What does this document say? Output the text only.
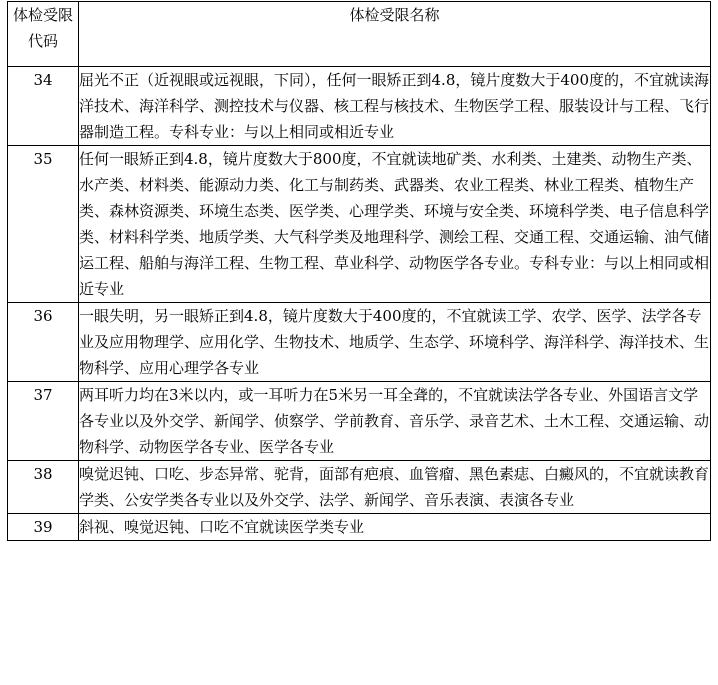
体检受限代码	体检受限名称
34	屈光不正（近视眼或远视眼，下同），任何一眼矫正到4.8，镜片度数大于400度的，不宜就读海洋技术、海洋科学、测控技术与仪器、核工程与核技术、生物医学工程、服装设计与工程、飞行器制造工程。专科专业：与以上相同或相近专业
35	任何一眼矫正到4.8，镜片度数大于800度，不宜就读地矿类、水利类、土建类、动物生产类、水产类、材料类、能源动力类、化工与制药类、武器类、农业工程类、林业工程类、植物生产类、森林资源类、环境生态类、医学类、心理学类、环境与安全类、环境科学类、电子信息科学类、材料科学类、地质学类、大气科学类及地理科学、测绘工程、交通工程、交通运输、油气储运工程、船舶与海洋工程、生物工程、草业科学、动物医学各专业。专科专业：与以上相同或相近专业
36	一眼失明，另一眼矫正到4.8，镜片度数大于400度的，不宜就读工学、农学、医学、法学各专业及应用物理学、应用化学、生物技术、地质学、生态学、环境科学、海洋科学、海洋技术、生物科学、应用心理学各专业
37	两耳听力均在3米以内，或一耳听力在5米另一耳全聋的，不宜就读法学各专业、外国语言文学各专业以及外交学、新闻学、侦察学、学前教育、音乐学、录音艺术、土木工程、交通运输、动物科学、动物医学各专业、医学各专业
38	嗅觉迟钝、口吃、步态异常、驼背，面部有疤痕、血管瘤、黑色素痣、白癜风的，不宜就读教育学类、公安学类各专业以及外交学、法学、新闻学、音乐表演、表演各专业
39	斜视、嗅觉迟钝、口吃不宜就读医学类专业
